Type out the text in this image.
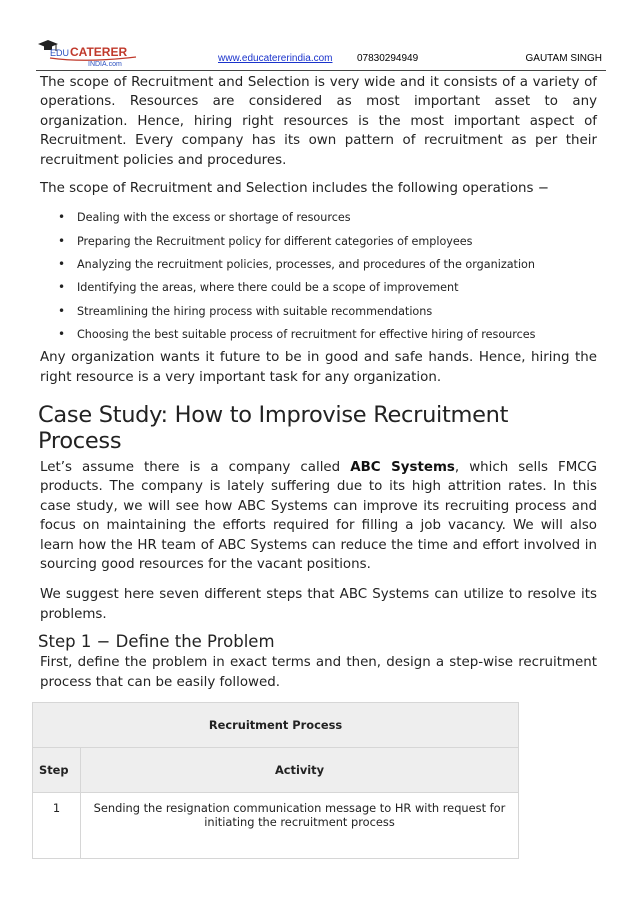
EDU CATERER
INDIA.com
www.educatererindia.com 07830294949	GAUTAM SINGH

The scope of Recruitment and Selection is very wide and it consists of a variety of operations. Resources are considered as most important asset to any organization. Hence, hiring right resources is the most important aspect of Recruitment. Every company has its own pattern of recruitment as per their recruitment policies and procedures.

The scope of Recruitment and Selection includes the following operations −

• Dealing with the excess or shortage of resources
• Preparing the Recruitment policy for different categories of employees
• Analyzing the recruitment policies, processes, and procedures of the organization
• Identifying the areas, where there could be a scope of improvement
• Streamlining the hiring process with suitable recommendations
• Choosing the best suitable process of recruitment for effective hiring of resources

Any organization wants it future to be in good and safe hands. Hence, hiring the right resource is a very important task for any organization.

Case Study: How to Improvise Recruitment Process

Let’s assume there is a company called ABC Systems, which sells FMCG products. The company is lately suffering due to its high attrition rates. In this case study, we will see how ABC Systems can improve its recruiting process and focus on maintaining the efforts required for filling a job vacancy. We will also learn how the HR team of ABC Systems can reduce the time and effort involved in sourcing good resources for the vacant positions.

We suggest here seven different steps that ABC Systems can utilize to resolve its problems.

Step 1 − Define the Problem

First, define the problem in exact terms and then, design a step-wise recruitment process that can be easily followed.

Recruitment Process	
Step	Activity
1	Sending the resignation communication message to HR with request for initiating the recruitment process
